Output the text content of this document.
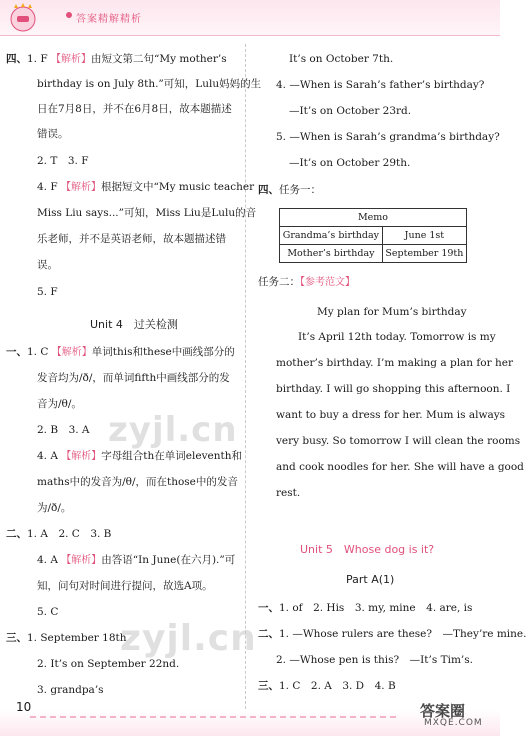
答案精解精析
四、1. F 【解析】由短文第二句“My mother’s
birthday is on July 8th.”可知，Lulu妈妈的生
日在7月8日，并不在6月8日，故本题描述
错误。
2. T　3. F
4. F 【解析】根据短文中“My music teacher
Miss Liu says...”可知，Miss Liu是Lulu的音
乐老师，并不是英语老师，故本题描述错
误。
5. F
Unit 4　过关检测
一、1. C 【解析】单词this和these中画线部分的
发音均为/ð/，而单词fifth中画线部分的发
音为/θ/。
2. B　3. A
4. A 【解析】字母组合th在单词eleventh和
maths中的发音为/θ/，而在those中的发音
为/ð/。
二、1. A　2. C　3. B
4. A 【解析】由答语“In June(在六月).”可
知，问句对时间进行提问，故选A项。
5. C
三、1. September 18th
2. It’s on September 22nd.
3. grandpa’s
It’s on October 7th.
4. —When is Sarah’s father’s birthday?
—It’s on October 23rd.
5. —When is Sarah’s grandma’s birthday?
—It’s on October 29th.
四、任务一：
Memo	
Grandma’s birthday	June 1st
Mother’s birthday	September 19th
任务二：【参考范文】
My plan for Mum’s birthday
It’s April 12th today. Tomorrow is my
mother’s birthday. I’m making a plan for her
birthday. I will go shopping this afternoon. I
want to buy a dress for her. Mum is always
very busy. So tomorrow I will clean the rooms
and cook noodles for her. She will have a good
rest.
Unit 5　Whose dog is it?
Part A(1)
一、1. of　2. His　3. my, mine　4. are, is
二、1. —Whose rulers are these?　—They’re mine.
2. —Whose pen is this?　—It’s Tim’s.
三、1. C　2. A　3. D　4. B
zyjl.cn
zyjl.cn
10	答案圈
MXQE.COM
